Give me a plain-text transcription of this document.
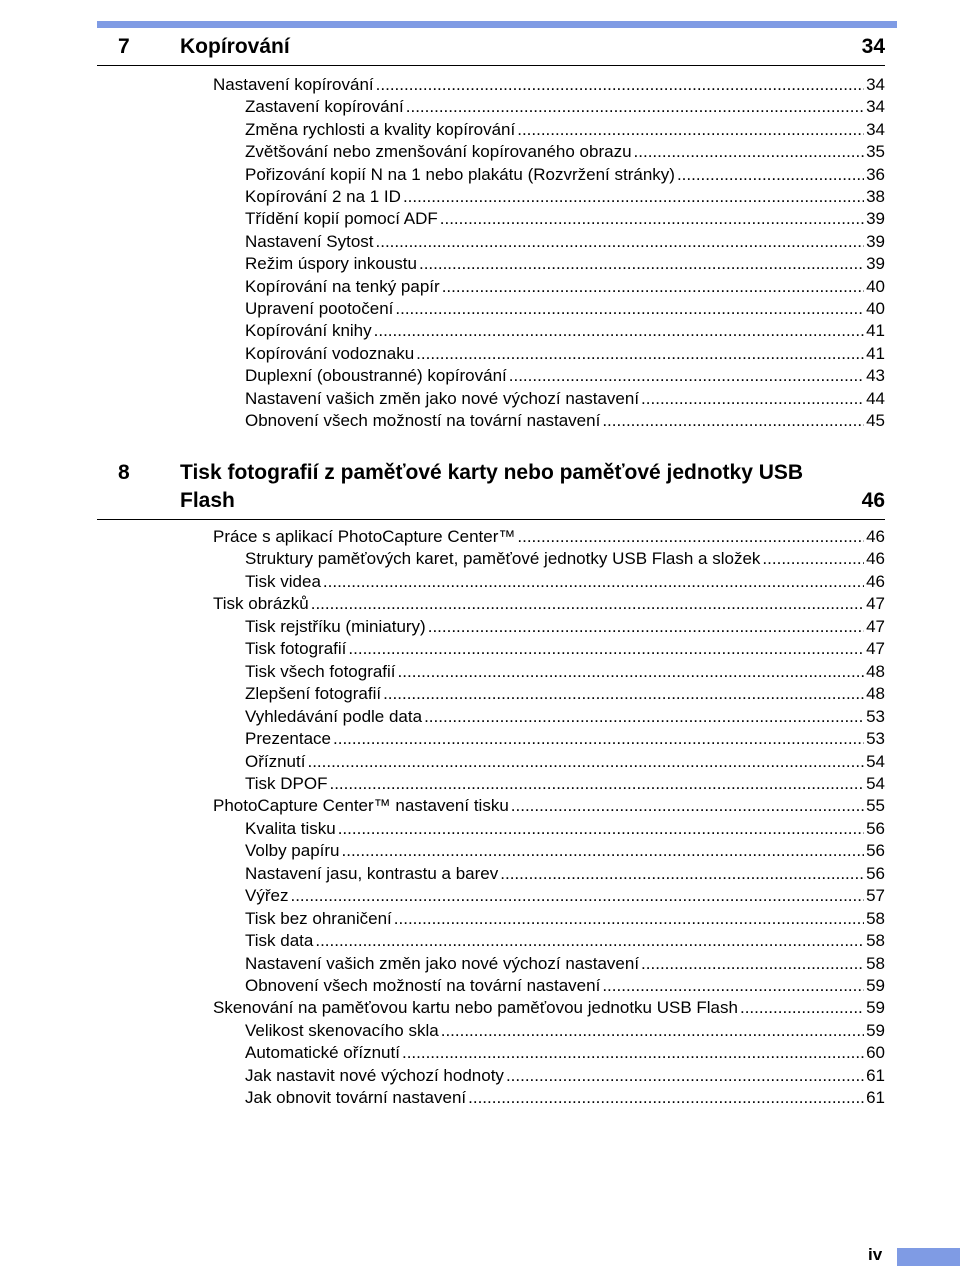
7 Kopírování	34
Nastavení kopírování .....	34
Zastavení kopírování .....	34
Změna rychlosti a kvality kopírování .....	34
Zvětšování nebo zmenšování kopírovaného obrazu .....	35
Pořizování kopií N na 1 nebo plakátu (Rozvržení stránky) .....	36
Kopírování 2 na 1 ID .....	38
Třídění kopií pomocí ADF .....	39
Nastavení Sytost .....	39
Režim úspory inkoustu .....	39
Kopírování na tenký papír .....	40
Upravení pootočení .....	40
Kopírování knihy .....	41
Kopírování vodoznaku .....	41
Duplexní (oboustranné) kopírování .....	43
Nastavení vašich změn jako nové výchozí nastavení .....	44
Obnovení všech možností na tovární nastavení .....	45
8 Tisk fotografií z paměťové karty nebo paměťové jednotky USB
Flash	46
Práce s aplikací PhotoCapture Center™ .....	46
Struktury paměťových karet, paměťové jednotky USB Flash a složek .....	46
Tisk videa .....	46
Tisk obrázků .....	47
Tisk rejstříku (miniatury) .....	47
Tisk fotografií .....	47
Tisk všech fotografií .....	48
Zlepšení fotografií .....	48
Vyhledávání podle data .....	53
Prezentace .....	53
Oříznutí .....	54
Tisk DPOF .....	54
PhotoCapture Center™ nastavení tisku .....	55
Kvalita tisku .....	56
Volby papíru .....	56
Nastavení jasu, kontrastu a barev .....	56
Výřez .....	57
Tisk bez ohraničení .....	58
Tisk data .....	58
Nastavení vašich změn jako nové výchozí nastavení .....	58
Obnovení všech možností na tovární nastavení .....	59
Skenování na paměťovou kartu nebo paměťovou jednotku USB Flash .....	59
Velikost skenovacího skla .....	59
Automatické oříznutí .....	60
Jak nastavit nové výchozí hodnoty .....	61
Jak obnovit tovární nastavení .....	61
iv
